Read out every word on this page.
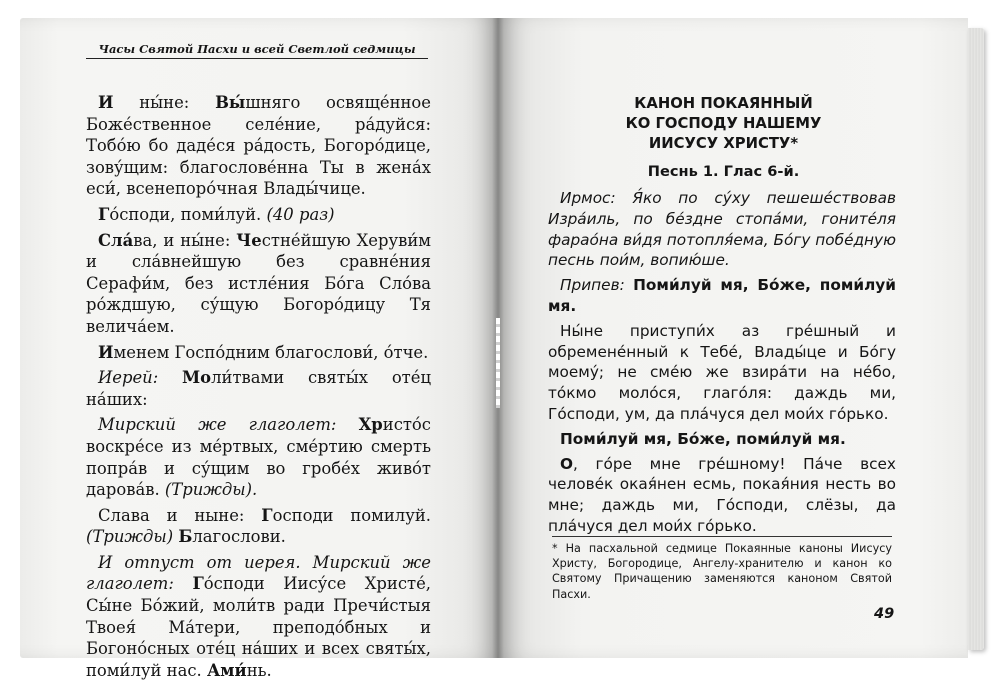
Часы Святой Пасхи и всей Светлой седмицы

И ны́не: Вы́шняго освяще́нное Боже́ственное селе́ние, ра́дуйся: Тобо́ю бо даде́ся ра́дость, Богоро́дице, зову́щим: благослове́нна Ты в жена́х еси́, всенепоро́чная Влады́чице.

Го́споди, поми́луй. (40 раз)

Сла́ва, и ны́не: Честне́йшую Херуви́м и сла́внейшую без сравне́ния Серафи́м, без истле́ния Бо́га Сло́ва ро́ждшую, су́щую Богоро́дицу Тя велича́ем.

Именем Госпо́дним благослови́, о́тче.

Иерей: Моли́твами святы́х оте́ц на́ших:

Мирский же глаголет: Христо́с воскре́се из ме́ртвых, сме́ртию смерть попра́в и су́щим во гробе́х живо́т дарова́в. (Трижды).

Слава и ныне: Господи помилуй. (Трижды) Благослови.

И отпуст от иерея. Мирский же глаголет: Го́споди Иису́се Христе́, Сы́не Бо́жий, моли́тв ради Пречи́стыя Твоея́ Ма́тери, преподо́бных и Богоно́сных оте́ц на́ших и всех святы́х, поми́луй нас. Ами́нь.

КАНОН ПОКАЯННЫЙ
КО ГОСПОДУ НАШЕМУ
ИИСУСУ ХРИСТУ*
Песнь 1. Глас 6-й.

Ирмос: Я́ко по су́ху пешеше́ствовав Изра́иль, по бе́здне стопа́ми, гоните́ля фарао́на ви́дя потопля́ема, Бо́гу побе́дную песнь пои́м, вопию́ше.

Припев: Поми́луй мя, Бо́же, поми́луй мя.

Ны́не приступи́х аз гре́шный и обремене́нный к Тебе́, Влады́це и Бо́гу моему́; не сме́ю же взира́ти на не́бо, то́кмо моло́ся, глаго́ля: даждь ми, Го́споди, ум, да пла́чуся дел мои́х го́рько.

Поми́луй мя, Бо́же, поми́луй мя.

О, го́ре мне гре́шному! Па́че всех челове́к окая́нен есмь, покая́ния несть во мне; даждь ми, Го́споди, слёзы, да пла́чуся дел мои́х го́рько.

* На пасхальной седмице Покаянные каноны Иисусу Христу, Богородице, Ангелу-хранителю и канон ко Святому Причащению заменяются каноном Святой Пасхи.
49
